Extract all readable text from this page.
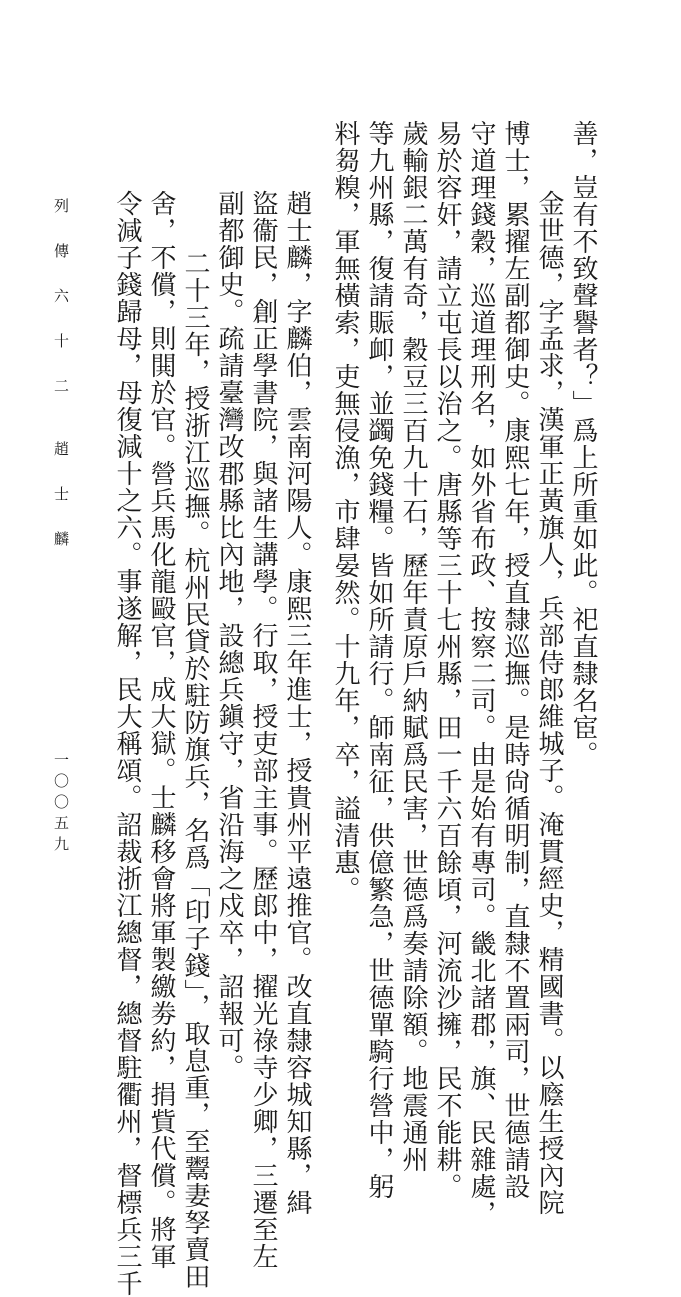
列 傳 六 十 二　　趙 士 麟
一〇〇五九
善，豈有不致聲譽者？」爲上所重如此。祀直隸名宦。
金世德，字孟求，漢軍正黃旗人，兵部侍郎維城子。淹貫經史，精國書。以廕生授內院
博士，累擢左副都御史。康熙七年，授直隸巡撫。是時尙循明制，直隸不置兩司，世德請設
守道理錢穀，巡道理刑名，如外省布政、按察二司。由是始有專司。畿北諸郡，旗、民雜處，
易於容奸，請立屯長以治之。唐縣等三十七州縣，田一千六百餘頃，河流沙擁，民不能耕。
歲輸銀二萬有奇，穀豆三百九十石，歷年責原戶納賦爲民害，世德爲奏請除額。地震通州
等九州縣，復請賑卹，並蠲免錢糧。皆如所請行。師南征，供億繁急，世德單騎行營中，躬
料芻糗，軍無橫索，吏無侵漁，市肆晏然。十九年，卒，謚清惠。
趙士麟，字麟伯，雲南河陽人。康熙三年進士，授貴州平遠推官。改直隸容城知縣，緝
盜衞民，創正學書院，與諸生講學。行取，授吏部主事。歷郎中，擢光祿寺少卿，三遷至左
副都御史。疏請臺灣改郡縣比內地，設總兵鎭守，省沿海之戍卒，詔報可。
二十三年，授浙江巡撫。杭州民貸於駐防旗兵，名爲「印子錢」，取息重，至鬻妻孥賣田
舍，不償，則閧於官。營兵馬化龍毆官，成大獄。士麟移會將軍製繳劵約，捐貲代償。將軍
令減子錢歸母，母復減十之六。事遂解，民大稱頌。詔裁浙江總督，總督駐衢州，督標兵三千
